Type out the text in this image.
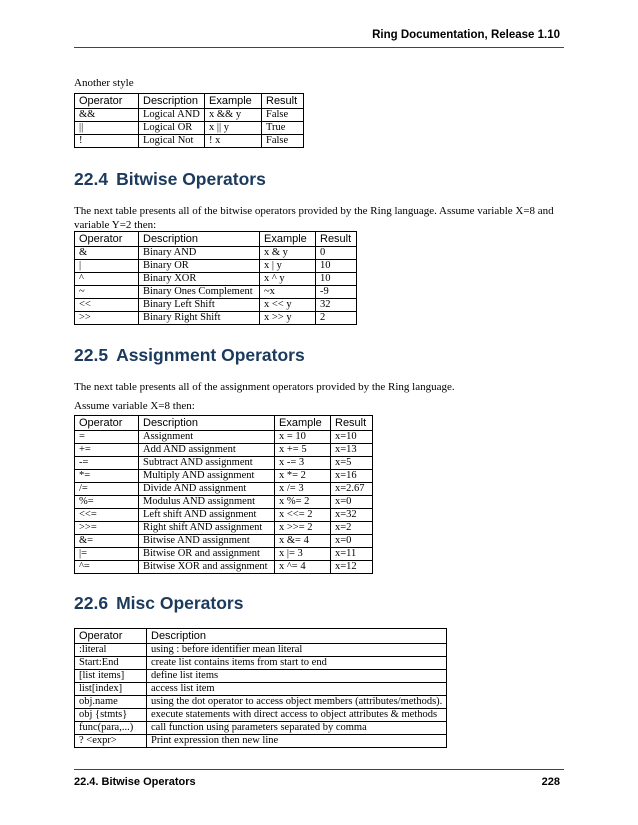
Ring Documentation, Release 1.10
Another style
Operator	Description	Example	Result
&&	Logical AND	x && y	False
||	Logical OR	x || y	True
!	Logical Not	! x	False
22.4 Bitwise Operators
The next table presents all of the bitwise operators provided by the Ring language. Assume variable X=8 and variable Y=2 then:
Operator	Description	Example	Result
&	Binary AND	x & y	0
|	Binary OR	x | y	10
^	Binary XOR	x ^ y	10
~	Binary Ones Complement	~x	-9
<<	Binary Left Shift	x << y	32
>>	Binary Right Shift	x >> y	2
22.5 Assignment Operators
The next table presents all of the assignment operators provided by the Ring language.
Assume variable X=8 then:
Operator	Description	Example	Result
=	Assignment	x = 10	x=10
+=	Add AND assignment	x += 5	x=13
-=	Subtract AND assignment	x -= 3	x=5
*=	Multiply AND assignment	x *= 2	x=16
/=	Divide AND assignment	x /= 3	x=2.67
%=	Modulus AND assignment	x %= 2	x=0
<<=	Left shift AND assignment	x <<= 2	x=32
>>=	Right shift AND assignment	x >>= 2	x=2
&=	Bitwise AND assignment	x &= 4	x=0
|=	Bitwise OR and assignment	x |= 3	x=11
^=	Bitwise XOR and assignment	x ^= 4	x=12
22.6 Misc Operators
Operator	Description
:literal	using : before identifier mean literal
Start:End	create list contains items from start to end
[list items]	define list items
list[index]	access list item
obj.name	using the dot operator to access object members (attributes/methods).
obj {stmts}	execute statements with direct access to object attributes & methods
func(para,...)	call function using parameters separated by comma
? <expr>	Print expression then new line
22.4. Bitwise Operators	228
